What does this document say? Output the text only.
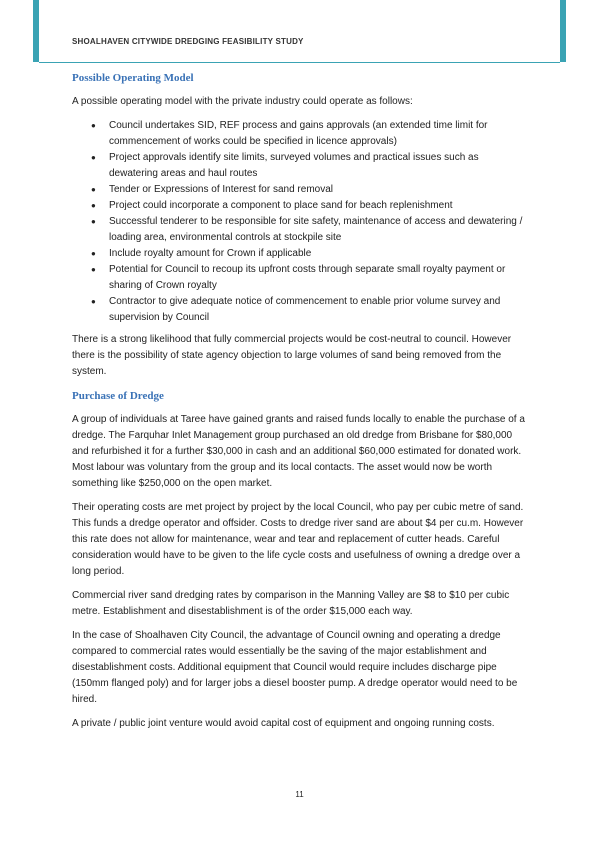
SHOALHAVEN CITYWIDE DREDGING FEASIBILITY STUDY
Possible Operating Model

A possible operating model with the private industry could operate as follows:

● Council undertakes SID, REF process and gains approvals (an extended time limit for commencement of works could be specified in licence approvals)
● Project approvals identify site limits, surveyed volumes and practical issues such as dewatering areas and haul routes
● Tender or Expressions of Interest for sand removal
● Project could incorporate a component to place sand for beach replenishment
● Successful tenderer to be responsible for site safety, maintenance of access and dewatering / loading area, environmental controls at stockpile site
● Include royalty amount for Crown if applicable
● Potential for Council to recoup its upfront costs through separate small royalty payment or sharing of Crown royalty
● Contractor to give adequate notice of commencement to enable prior volume survey and supervision by Council

There is a strong likelihood that fully commercial projects would be cost-neutral to council. However there is the possibility of state agency objection to large volumes of sand being removed from the system.

Purchase of Dredge

A group of individuals at Taree have gained grants and raised funds locally to enable the purchase of a dredge. The Farquhar Inlet Management group purchased an old dredge from Brisbane for $80,000 and refurbished it for a further $30,000 in cash and an additional $60,000 estimated for donated work. Most labour was voluntary from the group and its local contacts. The asset would now be worth something like $250,000 on the open market.

Their operating costs are met project by project by the local Council, who pay per cubic metre of sand. This funds a dredge operator and offsider. Costs to dredge river sand are about $4 per cu.m. However this rate does not allow for maintenance, wear and tear and replacement of cutter heads. Careful consideration would have to be given to the life cycle costs and usefulness of owning a dredge over a long period.

Commercial river sand dredging rates by comparison in the Manning Valley are $8 to $10 per cubic metre. Establishment and disestablishment is of the order $15,000 each way.

In the case of Shoalhaven City Council, the advantage of Council owning and operating a dredge compared to commercial rates would essentially be the saving of the major establishment and disestablishment costs. Additional equipment that Council would require includes discharge pipe (150mm flanged poly) and for larger jobs a diesel booster pump. A dredge operator would need to be hired.

A private / public joint venture would avoid capital cost of equipment and ongoing running costs.

11
